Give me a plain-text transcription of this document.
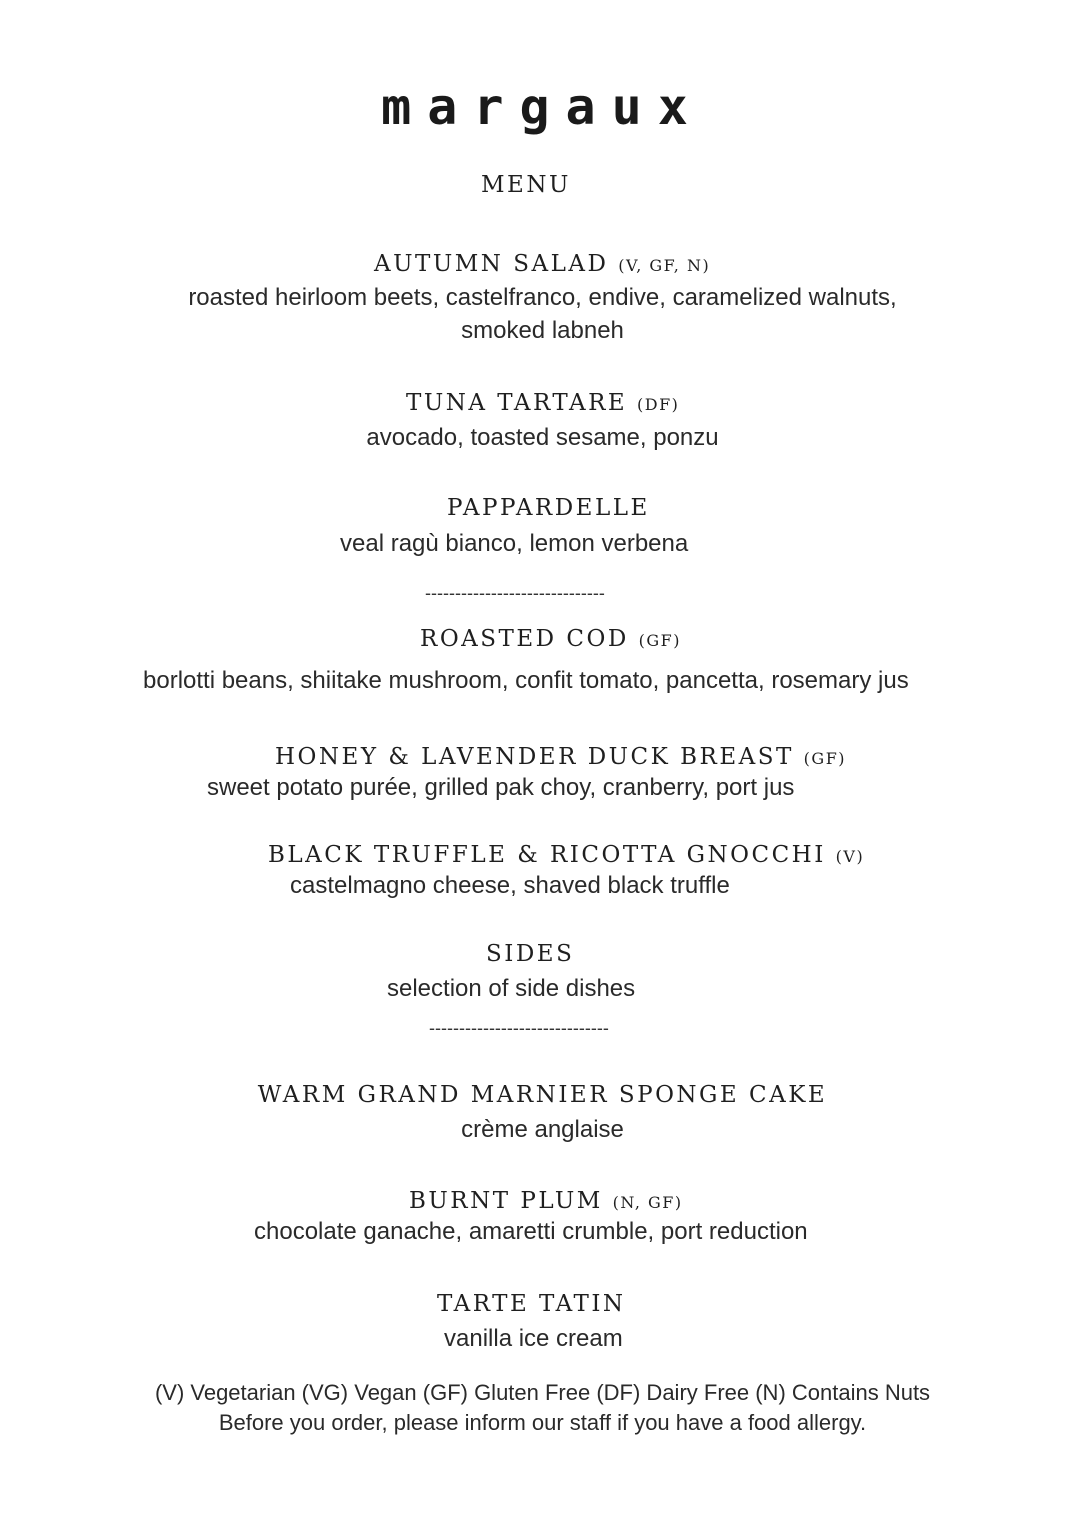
margaux
MENU
AUTUMN SALAD (V, GF, N)
roasted heirloom beets, castelfranco, endive, caramelized walnuts,
smoked labneh
TUNA TARTARE (DF)
avocado, toasted sesame, ponzu
PAPPARDELLE
veal ragù bianco, lemon verbena
------------------------------
ROASTED COD (GF)
borlotti beans, shiitake mushroom, confit tomato, pancetta, rosemary jus
HONEY & LAVENDER DUCK BREAST (GF)
sweet potato purée, grilled pak choy, cranberry, port jus
BLACK TRUFFLE & RICOTTA GNOCCHI (V)
castelmagno cheese, shaved black truffle
SIDES
selection of side dishes
------------------------------
WARM GRAND MARNIER SPONGE CAKE
crème anglaise
BURNT PLUM (N, GF)
chocolate ganache, amaretti crumble, port reduction
TARTE TATIN
vanilla ice cream
(V) Vegetarian (VG) Vegan (GF) Gluten Free (DF) Dairy Free (N) Contains Nuts
Before you order, please inform our staff if you have a food allergy.
